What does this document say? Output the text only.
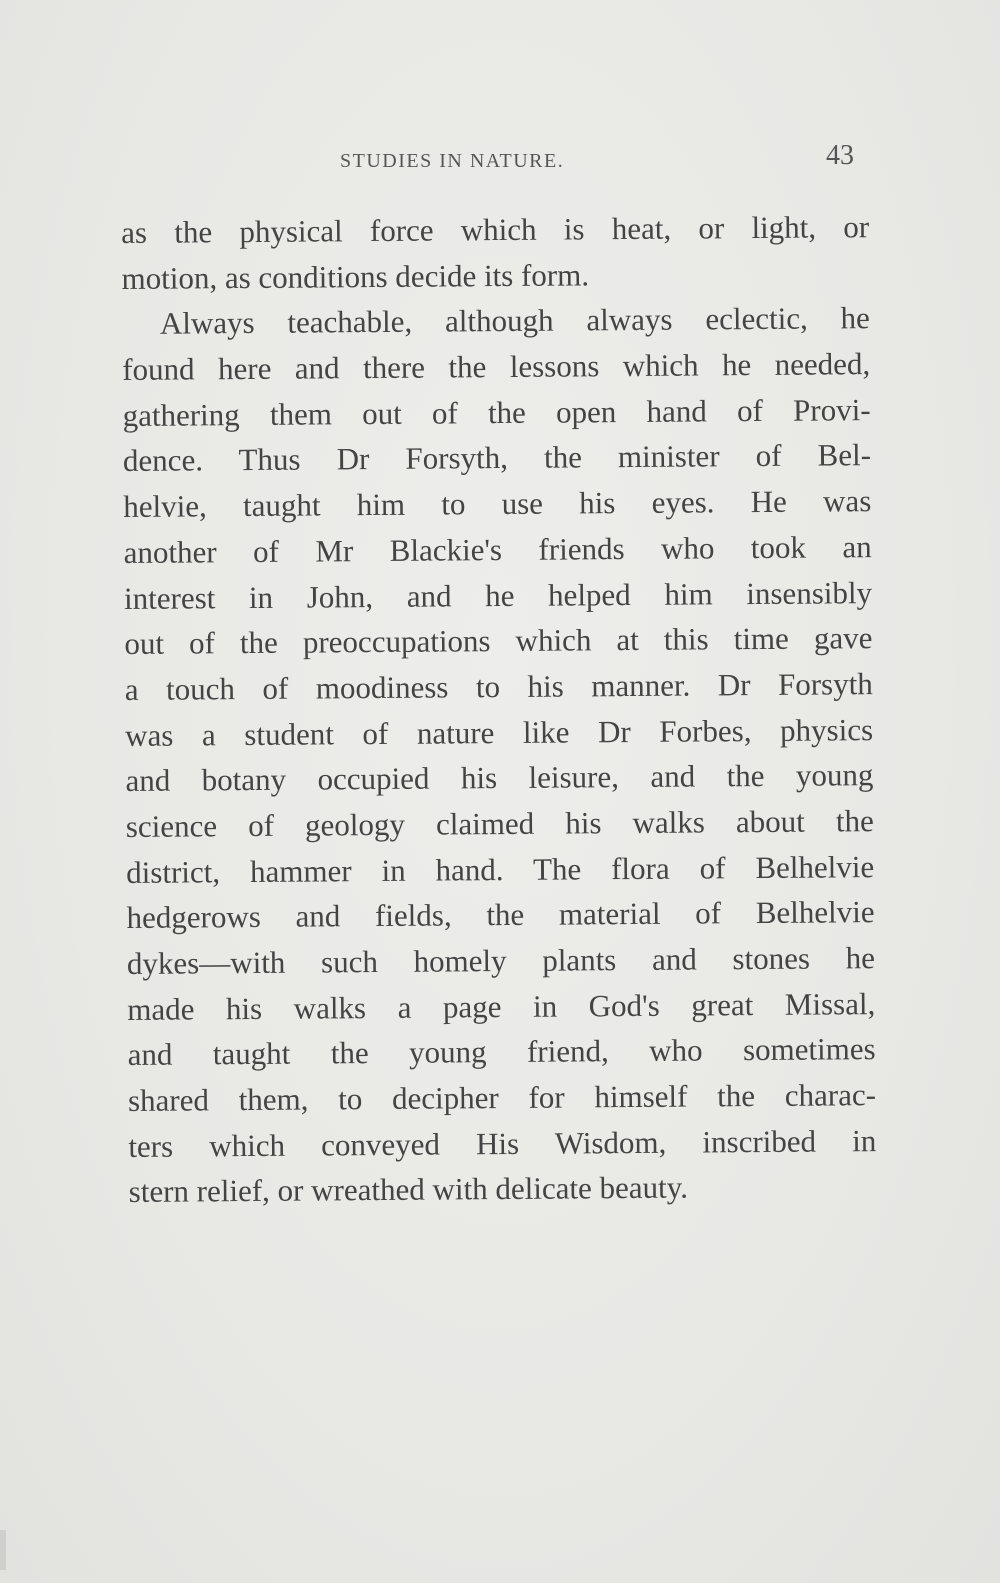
STUDIES IN NATURE.	43
as the physical force which is heat, or light, or
motion, as conditions decide its form.
Always teachable, although always eclectic, he
found here and there the lessons which he needed,
gathering them out of the open hand of Provi-
dence. Thus Dr Forsyth, the minister of Bel-
helvie, taught him to use his eyes. He was
another of Mr Blackie's friends who took an
interest in John, and he helped him insensibly
out of the preoccupations which at this time gave
a touch of moodiness to his manner. Dr Forsyth
was a student of nature like Dr Forbes, physics
and botany occupied his leisure, and the young
science of geology claimed his walks about the
district, hammer in hand. The flora of Belhelvie
hedgerows and fields, the material of Belhelvie
dykes—with such homely plants and stones he
made his walks a page in God's great Missal,
and taught the young friend, who sometimes
shared them, to decipher for himself the charac-
ters which conveyed His Wisdom, inscribed in
stern relief, or wreathed with delicate beauty.
